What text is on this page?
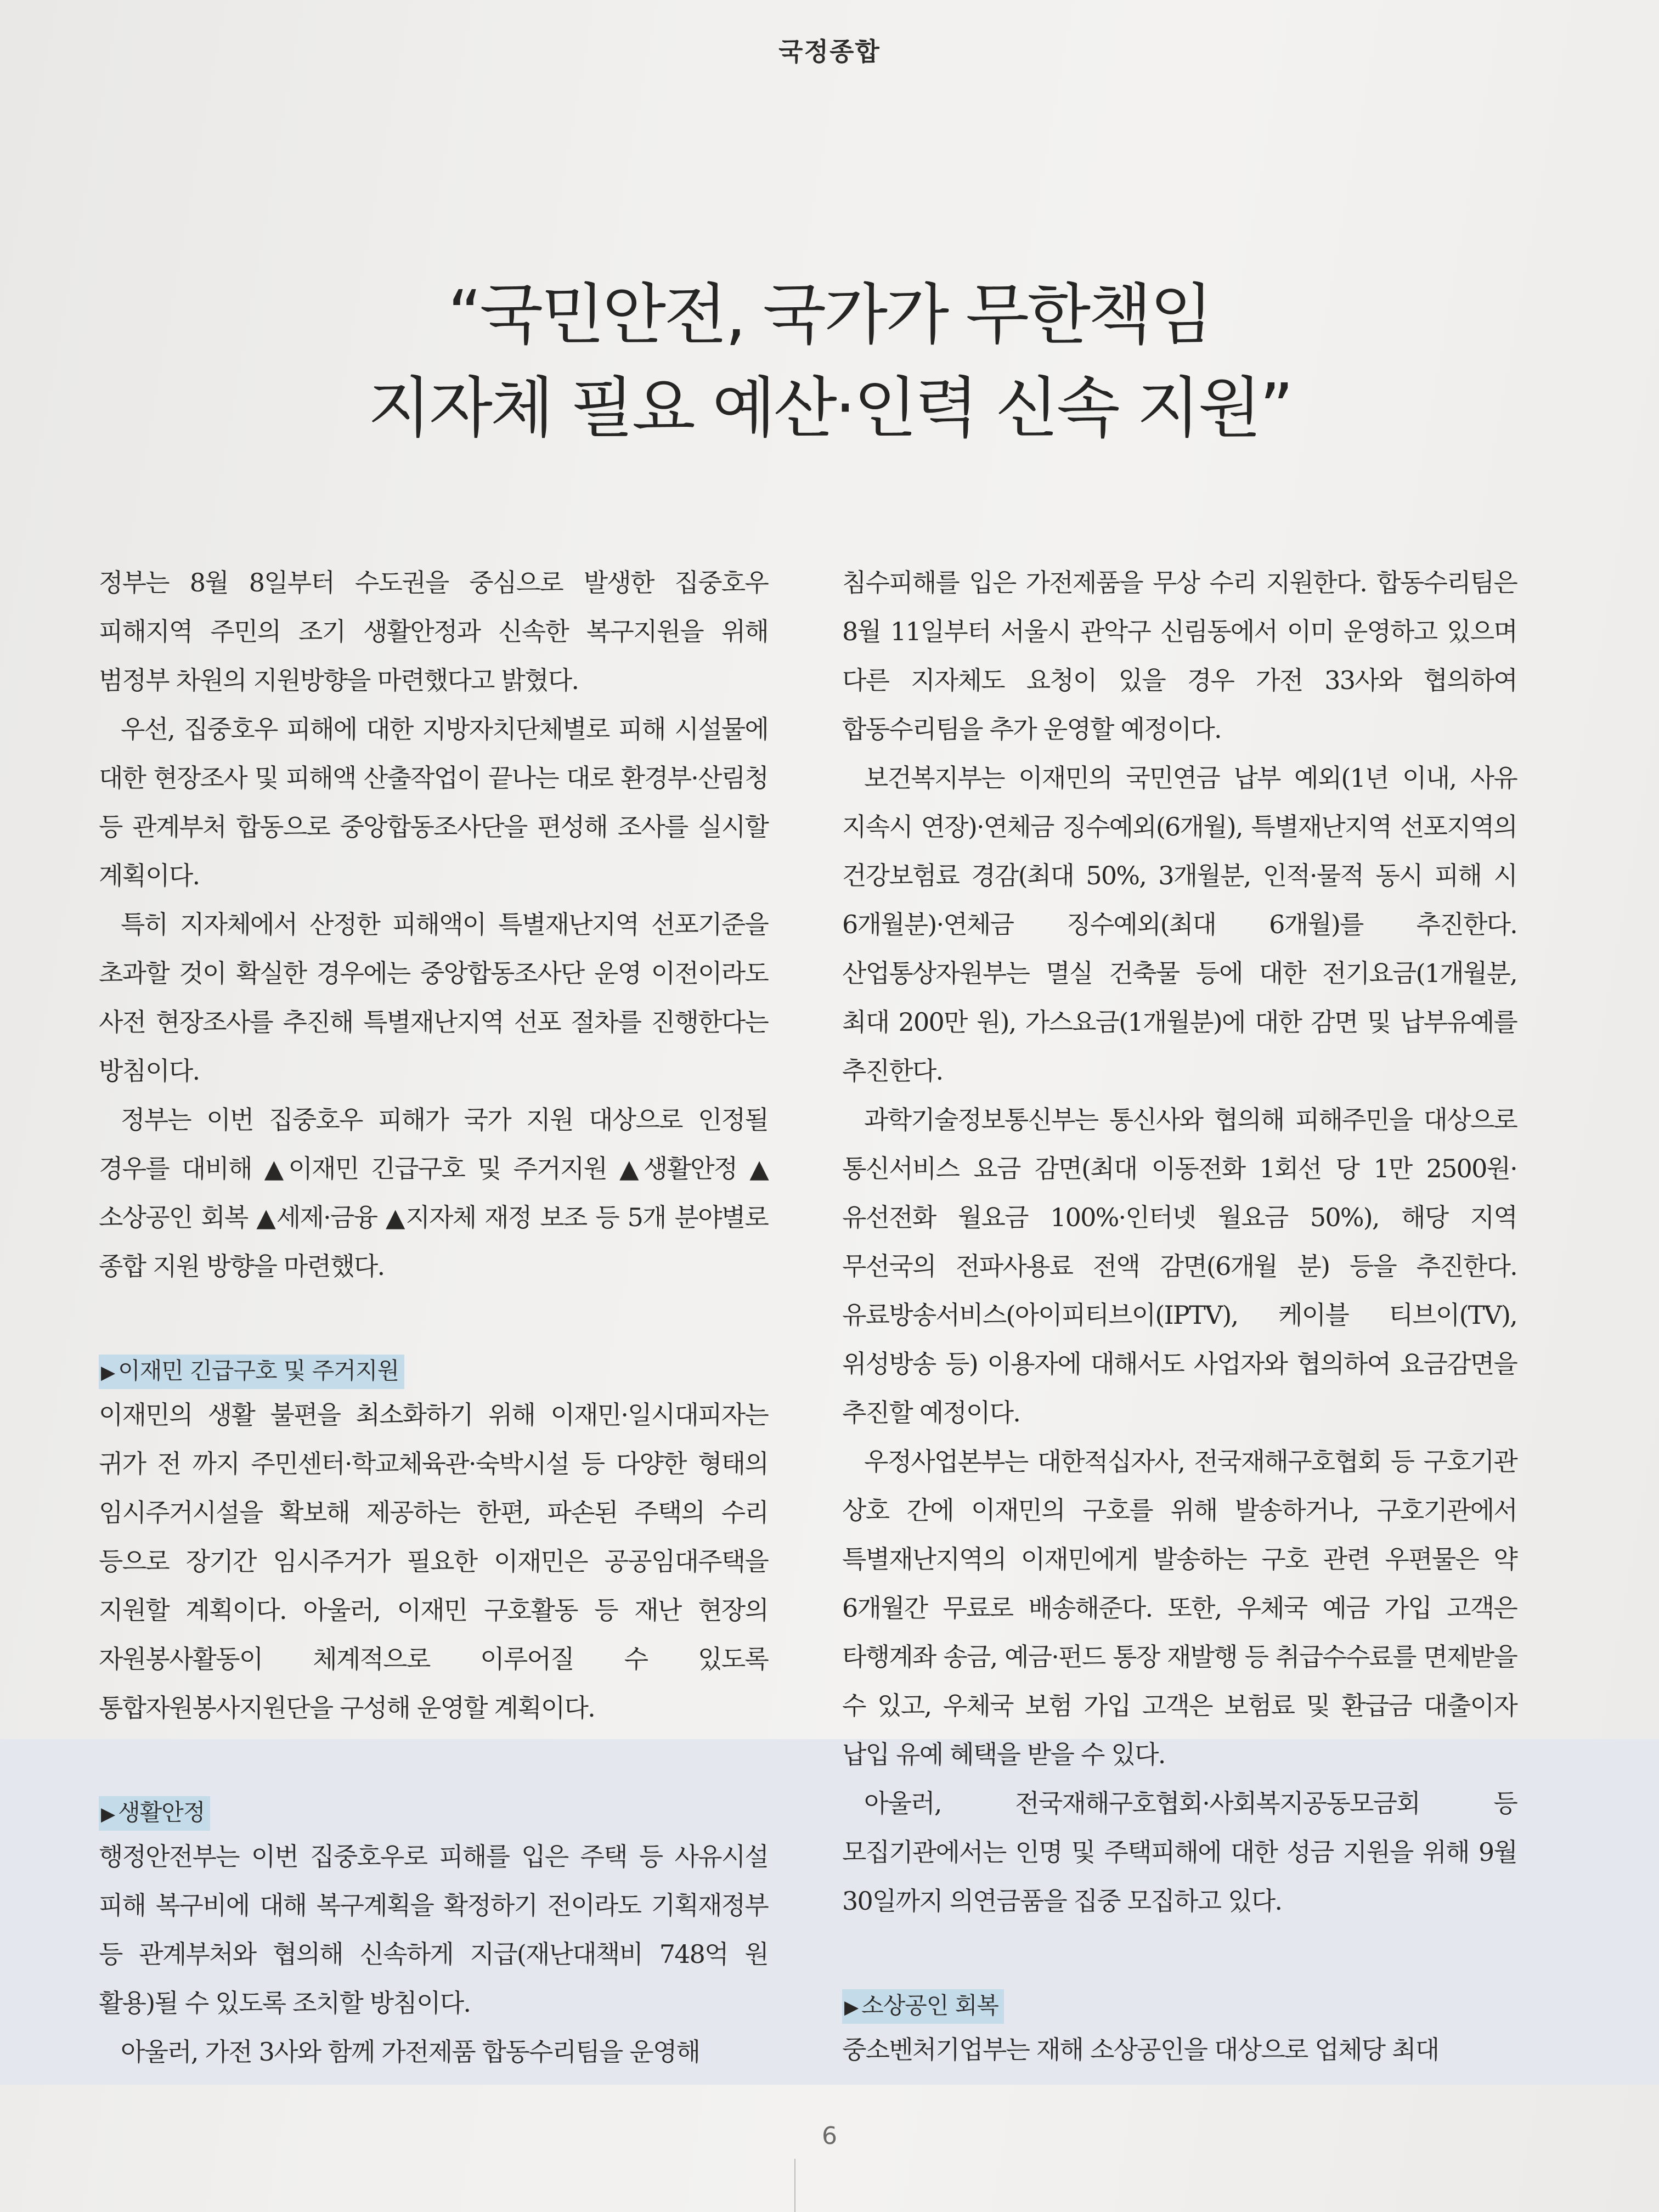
국정종합
“국민안전, 국가가 무한책임
지자체 필요 예산·인력 신속 지원”

정부는 8월 8일부터 수도권을 중심으로 발생한 집중호우 피해지역 주민의 조기 생활안정과 신속한 복구지원을 위해 범정부 차원의 지원방향을 마련했다고 밝혔다.

우선, 집중호우 피해에 대한 지방자치단체별로 피해 시설물에 대한 현장조사 및 피해액 산출작업이 끝나는 대로 환경부·산림청 등 관계부처 합동으로 중앙합동조사단을 편성해 조사를 실시할 계획이다.

특히 지자체에서 산정한 피해액이 특별재난지역 선포기준을 초과할 것이 확실한 경우에는 중앙합동조사단 운영 이전이라도 사전 현장조사를 추진해 특별재난지역 선포 절차를 진행한다는 방침이다.

정부는 이번 집중호우 피해가 국가 지원 대상으로 인정될 경우를 대비해 ▲이재민 긴급구호 및 주거지원 ▲생활안정 ▲소상공인 회복 ▲세제·금융 ▲지자체 재정 보조 등 5개 분야별로 종합 지원 방향을 마련했다.

▶ 이재민 긴급구호 및 주거지원

이재민의 생활 불편을 최소화하기 위해 이재민·일시대피자는 귀가 전 까지 주민센터·학교체육관·숙박시설 등 다양한 형태의 임시주거시설을 확보해 제공하는 한편, 파손된 주택의 수리 등으로 장기간 임시주거가 필요한 이재민은 공공임대주택을 지원할 계획이다. 아울러, 이재민 구호활동 등 재난 현장의 자원봉사활동이 체계적으로 이루어질 수 있도록 통합자원봉사지원단을 구성해 운영할 계획이다.

▶ 생활안정

행정안전부는 이번 집중호우로 피해를 입은 주택 등 사유시설 피해 복구비에 대해 복구계획을 확정하기 전이라도 기획재정부 등 관계부처와 협의해 신속하게 지급(재난대책비 748억 원 활용)될 수 있도록 조치할 방침이다.

아울러, 가전 3사와 함께 가전제품 합동수리팀을 운영해

침수피해를 입은 가전제품을 무상 수리 지원한다. 합동수리팀은 8월 11일부터 서울시 관악구 신림동에서 이미 운영하고 있으며 다른 지자체도 요청이 있을 경우 가전 33사와 협의하여 합동수리팀을 추가 운영할 예정이다.

보건복지부는 이재민의 국민연금 납부 예외(1년 이내, 사유 지속시 연장)·연체금 징수예외(6개월), 특별재난지역 선포지역의 건강보험료 경감(최대 50%, 3개월분, 인적·물적 동시 피해 시 6개월분)·연체금 징수예외(최대 6개월)를 추진한다. 산업통상자원부는 멸실 건축물 등에 대한 전기요금(1개월분, 최대 200만 원), 가스요금(1개월분)에 대한 감면 및 납부유예를 추진한다.

과학기술정보통신부는 통신사와 협의해 피해주민을 대상으로 통신서비스 요금 감면(최대 이동전화 1회선 당 1만 2500원·유선전화 월요금 100%·인터넷 월요금 50%), 해당 지역 무선국의 전파사용료 전액 감면(6개월 분) 등을 추진한다. 유료방송서비스(아이피티브이(IPTV), 케이블 티브이(TV), 위성방송 등) 이용자에 대해서도 사업자와 협의하여 요금감면을 추진할 예정이다.

우정사업본부는 대한적십자사, 전국재해구호협회 등 구호기관 상호 간에 이재민의 구호를 위해 발송하거나, 구호기관에서 특별재난지역의 이재민에게 발송하는 구호 관련 우편물은 약 6개월간 무료로 배송해준다. 또한, 우체국 예금 가입 고객은 타행계좌 송금, 예금·펀드 통장 재발행 등 취급수수료를 면제받을 수 있고, 우체국 보험 가입 고객은 보험료 및 환급금 대출이자 납입 유예 혜택을 받을 수 있다.

아울러, 전국재해구호협회·사회복지공동모금회 등 모집기관에서는 인명 및 주택피해에 대한 성금 지원을 위해 9월 30일까지 의연금품을 집중 모집하고 있다.

▶ 소상공인 회복

중소벤처기업부는 재해 소상공인을 대상으로 업체당 최대

6
